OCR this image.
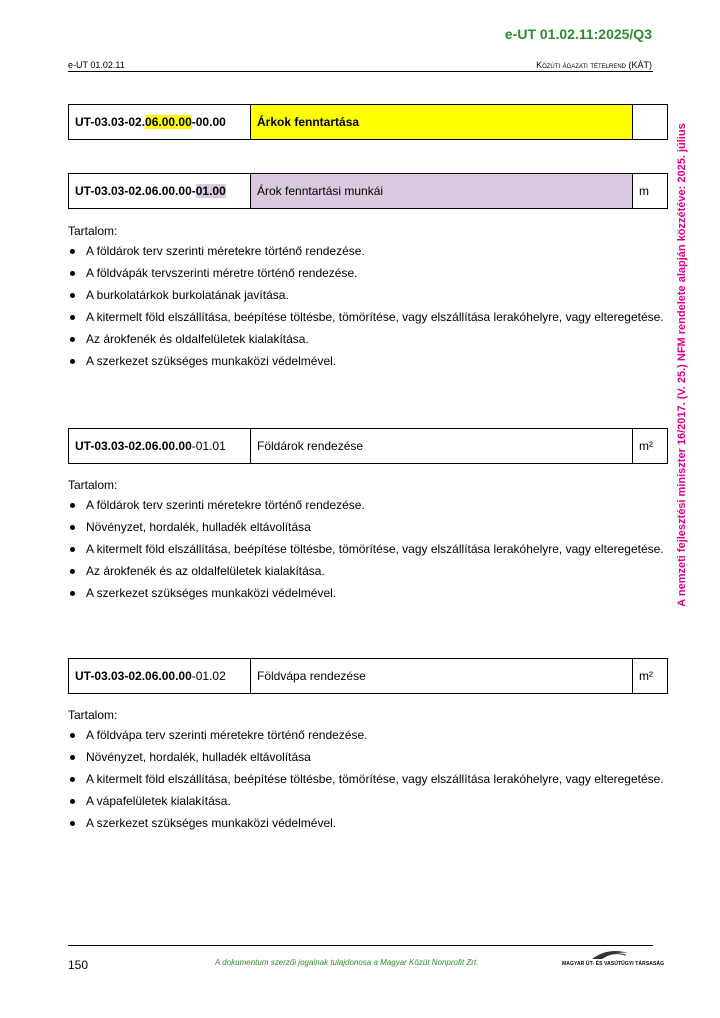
e-UT 01.02.11:2025/Q3
e-UT 01.02.11	Közúti ágazati tételrend (KÁT)
A nemzeti fejlesztési miniszter 16/2017. (V. 25.) NFM rendelete alapján közzétéve: 2025. július
UT-03.03-02.06.00.00-00.00	Árkok fenntartása	
UT-03.03-02.06.00.00-01.00	Árok fenntartási munkái	m

Tartalom:

A földárok terv szerinti méretekre történő rendezése.
A földvápák tervszerinti méretre történő rendezése.
A burkolatárkok burkolatának javítása.
A kitermelt föld elszállítása, beépítése töltésbe, tömörítése, vagy elszállítása lerakóhelyre, vagy elteregetése.
Az árokfenék és oldalfelületek kialakítása.
A szerkezet szükséges munkaközi védelmével.
UT-03.03-02.06.00.00-01.01	Földárok rendezése	m²

Tartalom:

A földárok terv szerinti méretekre történő rendezése.
Növényzet, hordalék, hulladék eltávolítása
A kitermelt föld elszállítása, beépítése töltésbe, tömörítése, vagy elszállítása lerakóhelyre, vagy elteregetése.
Az árokfenék és az oldalfelületek kialakítása.
A szerkezet szükséges munkaközi védelmével.
UT-03.03-02.06.00.00-01.02	Földvápa rendezése	m²

Tartalom:

A földvápa terv szerinti méretekre történő rendezése.
Növényzet, hordalék, hulladék eltávolítása
A kitermelt föld elszállítása, beépítése töltésbe, tömörítése, vagy elszállítása lerakóhelyre, vagy elteregetése.
A vápafelületek kialakítása.
A szerkezet szükséges munkaközi védelmével.
150	A dokumentum szerzői jogainak tulajdonosa a Magyar Közút Nonprofit Zrt.	MAGYAR ÚT- ÉS VASÚTÜGYI TÁRSASÁG
